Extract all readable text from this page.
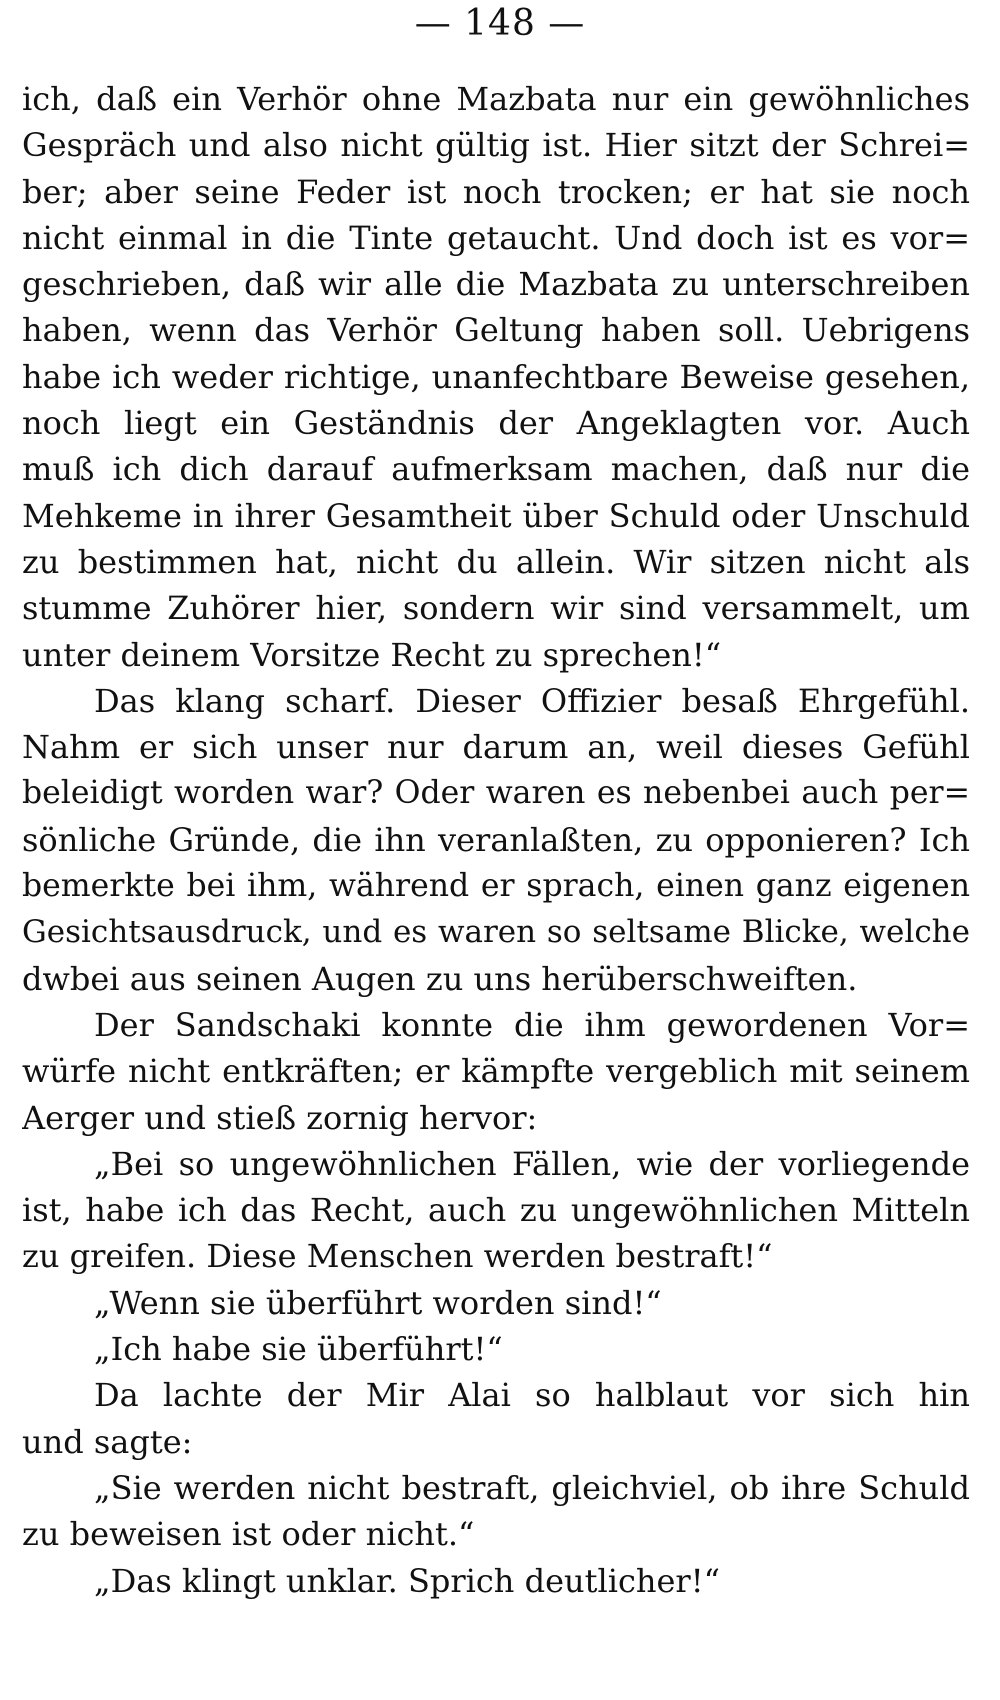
— 148 —
ich, daß ein Verhör ohne Mazbata nur ein gewöhnliches
Gespräch und also nicht gültig ist. Hier sitzt der Schrei=
ber; aber seine Feder ist noch trocken; er hat sie noch
nicht einmal in die Tinte getaucht. Und doch ist es vor=
geschrieben, daß wir alle die Mazbata zu unterschreiben
haben, wenn das Verhör Geltung haben soll. Uebrigens
habe ich weder richtige, unanfechtbare Beweise gesehen,
noch liegt ein Geständnis der Angeklagten vor. Auch
muß ich dich darauf aufmerksam machen, daß nur die
Mehkeme in ihrer Gesamtheit über Schuld oder Unschuld
zu bestimmen hat, nicht du allein. Wir sitzen nicht als
stumme Zuhörer hier, sondern wir sind versammelt, um
unter deinem Vorsitze Recht zu sprechen!“
Das klang scharf. Dieser Offizier besaß Ehrgefühl.
Nahm er sich unser nur darum an, weil dieses Gefühl
beleidigt worden war? Oder waren es nebenbei auch per=
sönliche Gründe, die ihn veranlaßten, zu opponieren? Ich
bemerkte bei ihm, während er sprach, einen ganz eigenen
Gesichtsausdruck, und es waren so seltsame Blicke, welche
dwbei aus seinen Augen zu uns herüberschweiften.
Der Sandschaki konnte die ihm gewordenen Vor=
würfe nicht entkräften; er kämpfte vergeblich mit seinem
Aerger und stieß zornig hervor:
„Bei so ungewöhnlichen Fällen, wie der vorliegende
ist, habe ich das Recht, auch zu ungewöhnlichen Mitteln
zu greifen. Diese Menschen werden bestraft!“
„Wenn sie überführt worden sind!“
„Ich habe sie überführt!“
Da lachte der Mir Alai so halblaut vor sich hin
und sagte:
„Sie werden nicht bestraft, gleichviel, ob ihre Schuld
zu beweisen ist oder nicht.“
„Das klingt unklar. Sprich deutlicher!“
